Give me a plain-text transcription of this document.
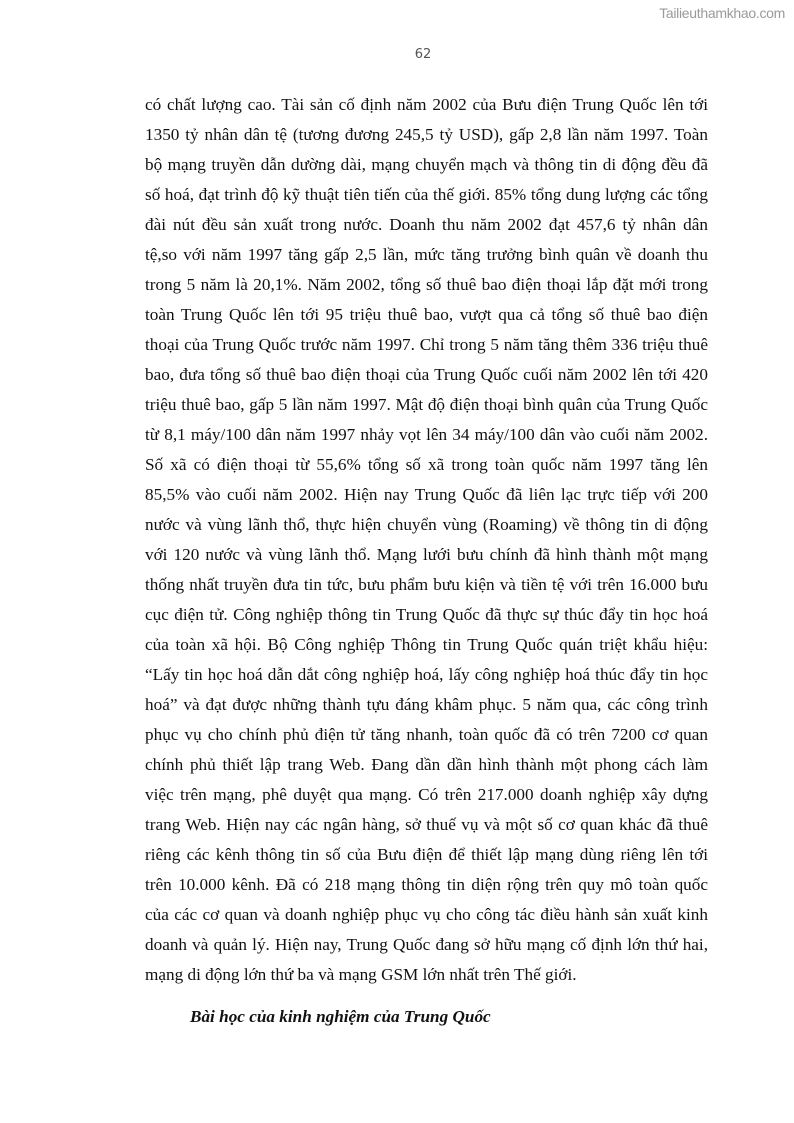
Tailieuthamkhao.com
62
có chất lượng cao. Tài sản cố định năm 2002 của Bưu điện Trung Quốc lên tới
1350 tỷ nhân dân tệ (tương đương 245,5 tỷ USD), gấp 2,8 lần năm 1997. Toàn
bộ mạng truyền dẫn dường dài, mạng chuyển mạch và thông tin di động đều đã
số hoá, đạt trình độ kỹ thuật tiên tiến của thế giới. 85% tổng dung lượng các tổng
đài nút đều sản xuất trong nước. Doanh thu năm 2002 đạt 457,6 tỷ nhân dân
tệ,so với năm 1997 tăng gấp 2,5 lần, mức tăng trưởng bình quân về doanh thu
trong 5 năm là 20,1%. Năm 2002, tổng số thuê bao điện thoại lắp đặt mới trong
toàn Trung Quốc lên tới 95 triệu thuê bao, vượt qua cả tổng số thuê bao điện
thoại của Trung Quốc trước năm 1997. Chỉ trong 5 năm tăng thêm 336 triệu thuê
bao, đưa tổng số thuê bao điện thoại của Trung Quốc cuối năm 2002 lên tới 420
triệu thuê bao, gấp 5 lần năm 1997. Mật độ điện thoại bình quân của Trung Quốc
từ 8,1 máy/100 dân năm 1997 nhảy vọt lên 34 máy/100 dân vào cuối năm 2002.
Số xã có điện thoại từ 55,6% tổng số xã trong toàn quốc năm 1997 tăng lên
85,5% vào cuối năm 2002. Hiện nay Trung Quốc đã liên lạc trực tiếp với 200
nước và vùng lãnh thổ, thực hiện chuyển vùng (Roaming) về thông tin di động
với 120 nước và vùng lãnh thổ. Mạng lưới bưu chính đã hình thành một mạng
thống nhất truyền đưa tin tức, bưu phẩm bưu kiện và tiền tệ với trên 16.000 bưu
cục điện tử. Công nghiệp thông tin Trung Quốc đã thực sự thúc đẩy tin học hoá
của toàn xã hội. Bộ Công nghiệp Thông tin Trung Quốc quán triệt khẩu hiệu:
“Lấy tin học hoá dẫn dắt công nghiệp hoá, lấy công nghiệp hoá thúc đẩy tin học
hoá” và đạt được những thành tựu đáng khâm phục. 5 năm qua, các công trình
phục vụ cho chính phủ điện tử tăng nhanh, toàn quốc đã có trên 7200 cơ quan
chính phủ thiết lập trang Web. Đang dần dần hình thành một phong cách làm
việc trên mạng, phê duyệt qua mạng. Có trên 217.000 doanh nghiệp xây dựng
trang Web. Hiện nay các ngân hàng, sở thuế vụ và một số cơ quan khác đã thuê
riêng các kênh thông tin số của Bưu điện để thiết lập mạng dùng riêng lên tới
trên 10.000 kênh. Đã có 218 mạng thông tin diện rộng trên quy mô toàn quốc
của các cơ quan và doanh nghiệp phục vụ cho công tác điều hành sản xuất kinh
doanh và quản lý. Hiện nay, Trung Quốc đang sở hữu mạng cố định lớn thứ hai,
mạng di động lớn thứ ba và mạng GSM lớn nhất trên Thế giới.
Bài học của kinh nghiệm của Trung Quốc
